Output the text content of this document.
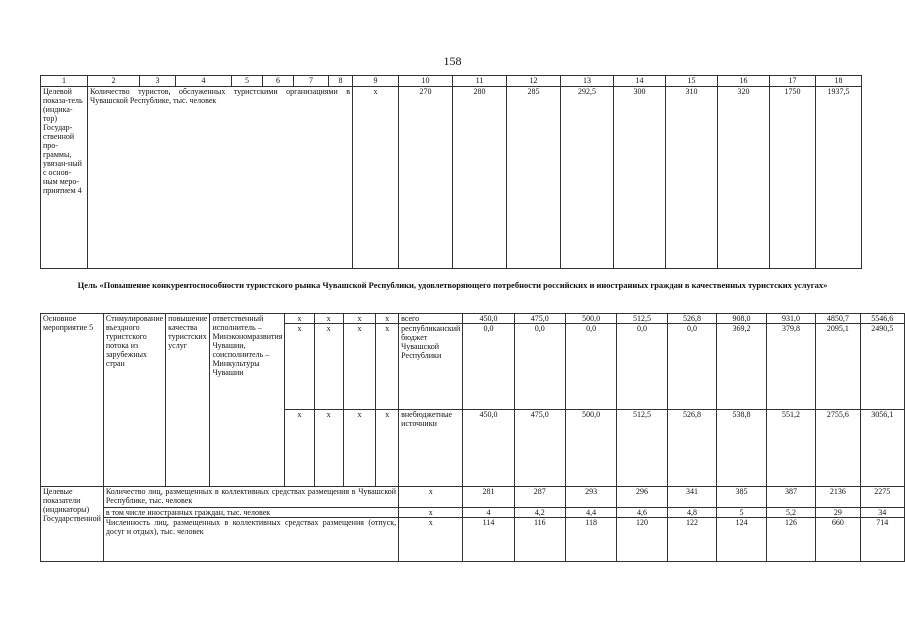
158
1	2	3	4	5	6	7	8	9	10	11	12	13	14	15	16	17	18
Целевой показа-тель (индика-тор) Государ-ственной про-граммы, увязан-ный с основ-ным меро-приятием 4	Количество туристов, обслуженных туристскими организациями в Чувашской Республике, тыс. человек							x	270	280	285	292,5	300	310	320	1750	1937,5
Цель «Повышение конкурентоспособности туристского рынка Чувашской Республики, удовлетворяющего потребности российских и иностранных граждан в качественных туристских услугах»
Основное мероприятие 5	Стимулирование въездного туристского потока из зарубежных стран	повышение качества туристских услуг	ответственный исполнитель – Минэкономразвития Чувашии, соисполнитель – Минкультуры Чувашии	x	x	x	x	всего	450,0	475,0	500,0	512,5	526,8	908,0	931,0	4850,7	5546,6
				x	x	x	x	республиканский бюджет Чувашской Республики	0,0	0,0	0,0	0,0	0,0	369,2	379,8	2095,1	2490,5
				x	x	x	x	внебюджетные источники	450,0	475,0	500,0	512,5	526,8	538,8	551,2	2755,6	3056,1
Целевые показатели (индикаторы) Государственной	Количество лиц, размещенных в коллективных средствах размещения в Чувашской Республике, тыс. человек							x	281	287	293	296	341	385	387	2136	2275
	в том числе иностранных граждан, тыс. человек							x	4	4,2	4,4	4,6	4,8	5	5,2	29	34
	Численность лиц, размещенных в коллективных средствах размещения (отпуск, досуг и отдых), тыс. человек							x	114	116	118	120	122	124	126	660	714
